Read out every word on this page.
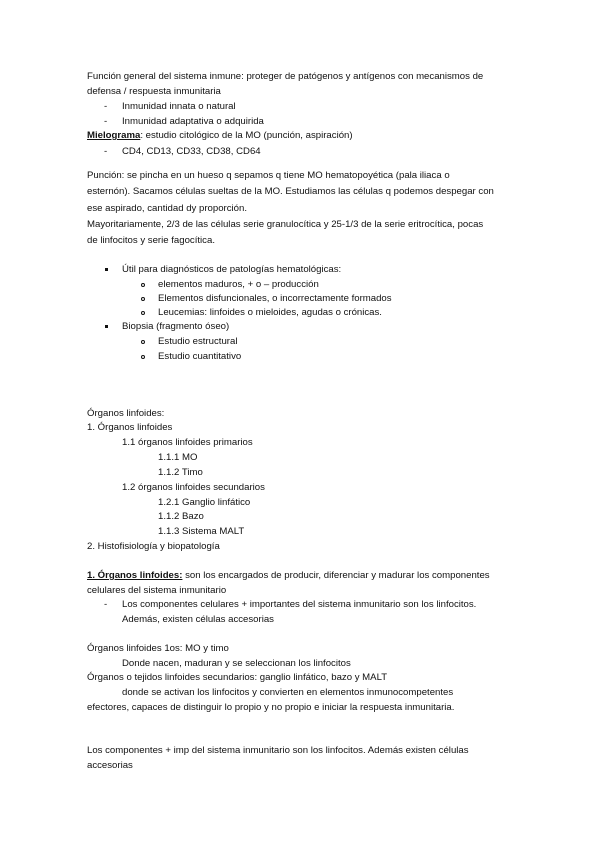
Función general del sistema inmune: proteger de patógenos y antígenos con mecanismos de
defensa / respuesta inmunitaria
- Inmunidad innata o natural
- Inmunidad adaptativa o adquirida
Mielograma: estudio citológico de la MO (punción, aspiración)
- CD4, CD13, CD33, CD38, CD64
Punción: se pincha en un hueso q sepamos q tiene MO hematopoyética (pala iliaca o
esternón). Sacamos células sueltas de la MO. Estudiamos las células q podemos despegar con
ese aspirado, cantidad dy proporción.
Mayoritariamente, 2/3 de las células serie granulocítica y 25-1/3 de la serie eritrocítica, pocas
de linfocitos y serie fagocítica.
Útil para diagnósticos de patologías hematológicas:
elementos maduros, + o – producción
Elementos disfuncionales, o incorrectamente formados
Leucemias: linfoides o mieloides, agudas o crónicas.
Biopsia (fragmento óseo)
Estudio estructural
Estudio cuantitativo
Órganos linfoides:
1. Órganos linfoides
1.1 órganos linfoides primarios
1.1.1 MO
1.1.2 Timo
1.2 órganos linfoides secundarios
1.2.1 Ganglio linfático
1.1.2 Bazo
1.1.3 Sistema MALT
2. Histofisiología y biopatología
1. Órganos linfoides: son los encargados de producir, diferenciar y madurar los componentes
celulares del sistema inmunitario
- Los componentes celulares + importantes del sistema inmunitario son los linfocitos.
Además, existen células accesorias
Órganos linfoides 1os: MO y timo
Donde nacen, maduran y se seleccionan los linfocitos
Órganos o tejidos linfoides secundarios: ganglio linfático, bazo y MALT
donde se activan los linfocitos y convierten en elementos inmunocompetentes
efectores, capaces de distinguir lo propio y no propio e iniciar la respuesta inmunitaria.
Los componentes + imp del sistema inmunitario son los linfocitos. Además existen células
accesorias
